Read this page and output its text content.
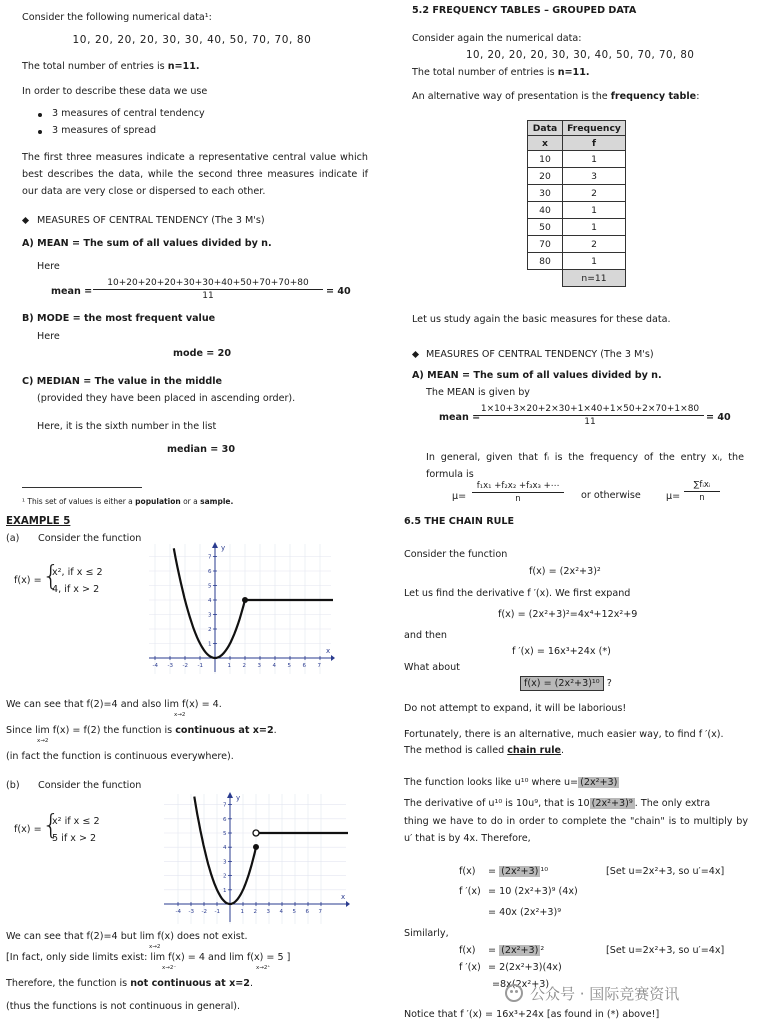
Consider the following numerical data¹:
10, 20, 20, 20, 30, 30, 40, 50, 70, 70, 80
The total number of entries is n=11.
In order to describe these data we use
3 measures of central tendency
3 measures of spread
The first three measures indicate a representative central value which best describes the data, while the second three measures indicate if our data are very close or dispersed to each other.
MEASURES OF CENTRAL TENDENCY (The 3 M's)
A) MEAN = The sum of all values divided by n.
Here
mean = $\frac{10+20+20+20+30+30+40+50+70+70+80}{11} = 40$
B) MODE = the most frequent value
Here
mode = 20
C) MEDIAN = The value in the middle
(provided they have been placed in ascending order).
Here, it is the sixth number in the list
median = 30
¹ This set of values is either a population or a sample.
5.2 FREQUENCY TABLES – GROUPED DATA
Consider again the numerical data:
10, 20, 20, 20, 30, 30, 40, 50, 70, 70, 80
The total number of entries is n=11.
An alternative way of presentation is the frequency table:
Data	Frequency
x	f
10	1
20	3
30	2
40	1
50	1
70	2
80	1
	n=11
Let us study again the basic measures for these data.
MEASURES OF CENTRAL TENDENCY (The 3 M's)
A) MEAN = The sum of all values divided by n.
The MEAN is given by
mean =
$\frac{1\times 10+3\times 20+2\times 30+1\times 40+1\times 50+2\times 70+1\times 80}{11} = 40$
In general, given that fᵢ is the frequency of the entry xᵢ, the formula is
$\mu= \frac{\text{f₁x₁ +f₂x₂ +f₃x₃ +⋯}}{n}$ or otherwise	μ=
∑fᵢxᵢ
n
EXAMPLE 5
(a) Consider the function
f(x) = {
x², if x ≤ 2
4, if x > 2
x
y
-4 -3 -2 -1	1 2 3 4 5 6 7
1
2
3
4
5
6
7
We can see that f(2)=4 and also lim f(x) = 4.
x→2
Since lim f(x) = f(2) the function is continuous at x=2.
x→2
(in fact the function is continuous everywhere).
(b) Consider the function
f(x) = {
x² if x ≤ 2
5 if x > 2
x
y
-4 -3 -2 -1	1 2 3 4 5 6 7
1
2
3
4
5
6
7
We can see that f(2)=4 but lim f(x) does not exist.
x→2
[In fact, only side limits exist: lim f(x) = 4 and lim f(x) = 5 ]
x→2⁻	x→2⁺
Therefore, the function is not continuous at x=2.
(thus the functions is not continuous in general).
6.5 THE CHAIN RULE
Consider the function
f(x) = (2x²+3)²
Let us find the derivative f ′(x). We first expand
f(x) = (2x²+3)²=4x⁴+12x²+9
and then
f ′(x) = 16x³+24x (*)
What about
f(x) = (2x²+3)¹⁰ ?
Do not attempt to expand, it will be laborious!
Fortunately, there is an alternative, much easier way, to find f ′(x).
The method is called chain rule.
The function looks like u¹⁰ where u= (2x²+3)
The derivative of u¹⁰ is 10u⁹, that is 10 (2x²+3)⁹ . The only extra
thing we have to do in order to complete the "chain" is to multiply by u′ that is by 4x. Therefore,
f(x) = (2x²+3) ¹⁰	[Set u=2x²+3, so u′=4x]
f ′(x) = 10 (2x²+3)⁹ (4x)
= 40x (2x²+3)⁹
Similarly,
f(x) = (2x²+3) ²	[Set u=2x²+3, so u′=4x]
f ′(x) = 2(2x²+3)(4x)
=8x(2x²+3)
Notice that f ′(x) = 16x³+24x [as found in (*) above!]
公众号 · 国际竞赛资讯
